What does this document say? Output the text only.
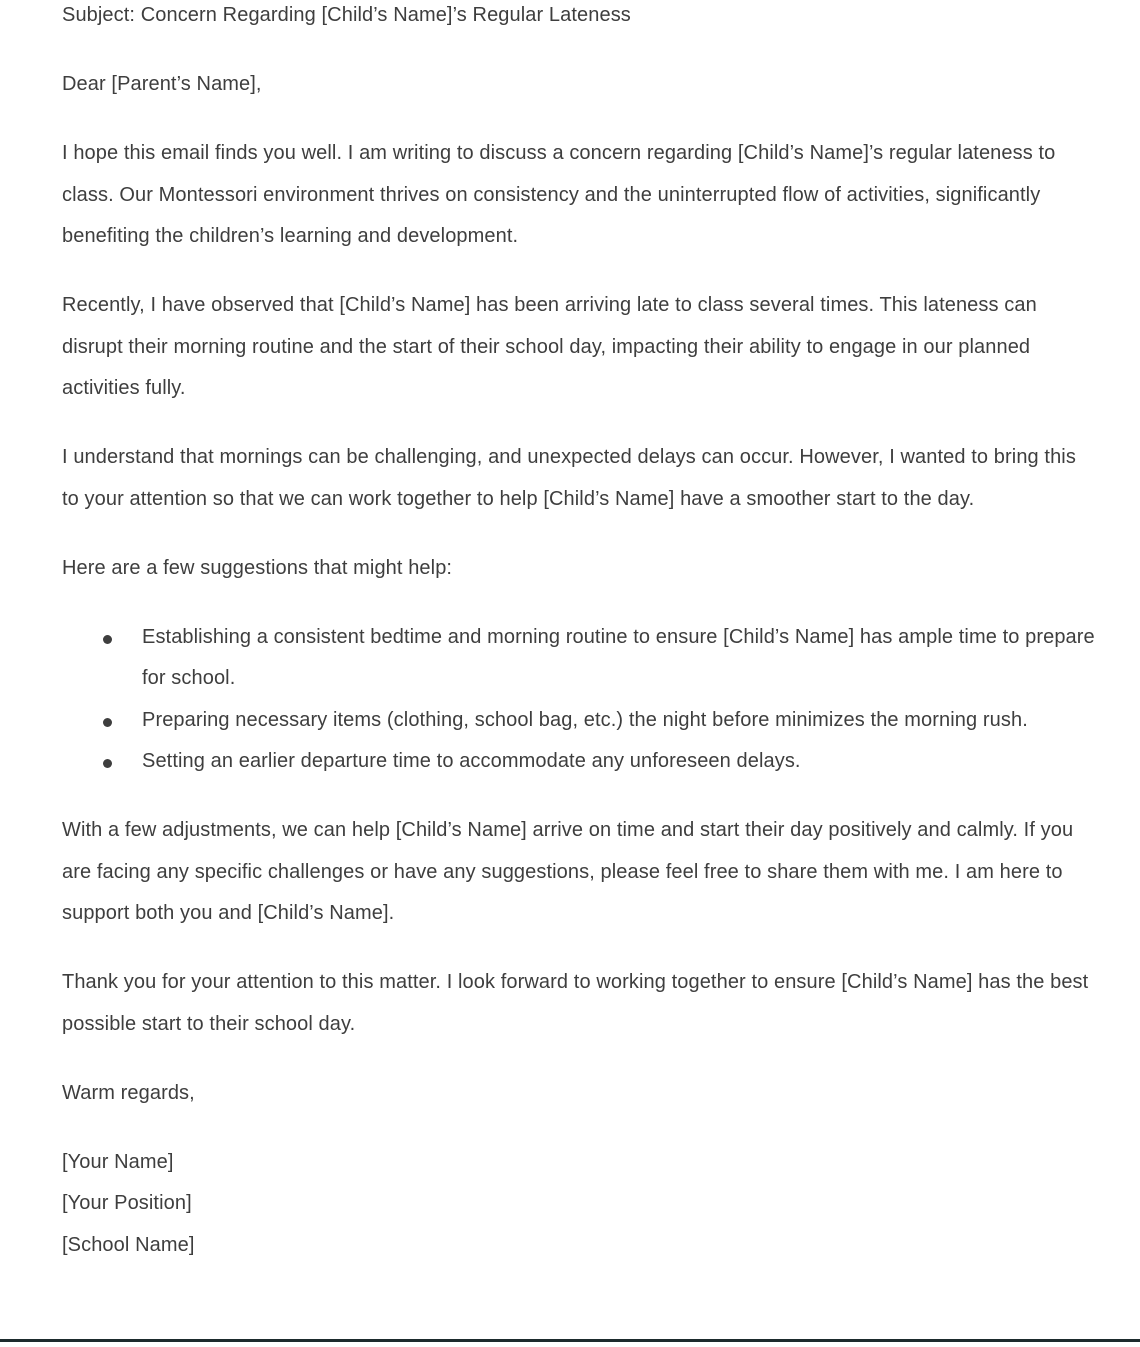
Subject: Concern Regarding [Child’s Name]’s Regular Lateness

Dear [Parent’s Name],

I hope this email finds you well. I am writing to discuss a concern regarding [Child’s Name]’s regular lateness to class. Our Montessori environment thrives on consistency and the uninterrupted flow of activities, significantly benefiting the children’s learning and development.

Recently, I have observed that [Child’s Name] has been arriving late to class several times. This lateness can disrupt their morning routine and the start of their school day, impacting their ability to engage in our planned activities fully.

I understand that mornings can be challenging, and unexpected delays can occur. However, I wanted to bring this to your attention so that we can work together to help [Child’s Name] have a smoother start to the day.

Here are a few suggestions that might help:

Establishing a consistent bedtime and morning routine to ensure [Child’s Name] has ample time to prepare for school.
Preparing necessary items (clothing, school bag, etc.) the night before minimizes the morning rush.
Setting an earlier departure time to accommodate any unforeseen delays.

With a few adjustments, we can help [Child’s Name] arrive on time and start their day positively and calmly. If you are facing any specific challenges or have any suggestions, please feel free to share them with me. I am here to support both you and [Child’s Name].

Thank you for your attention to this matter. I look forward to working together to ensure [Child’s Name] has the best possible start to their school day.

Warm regards,

[Your Name]
[Your Position]
[School Name]
